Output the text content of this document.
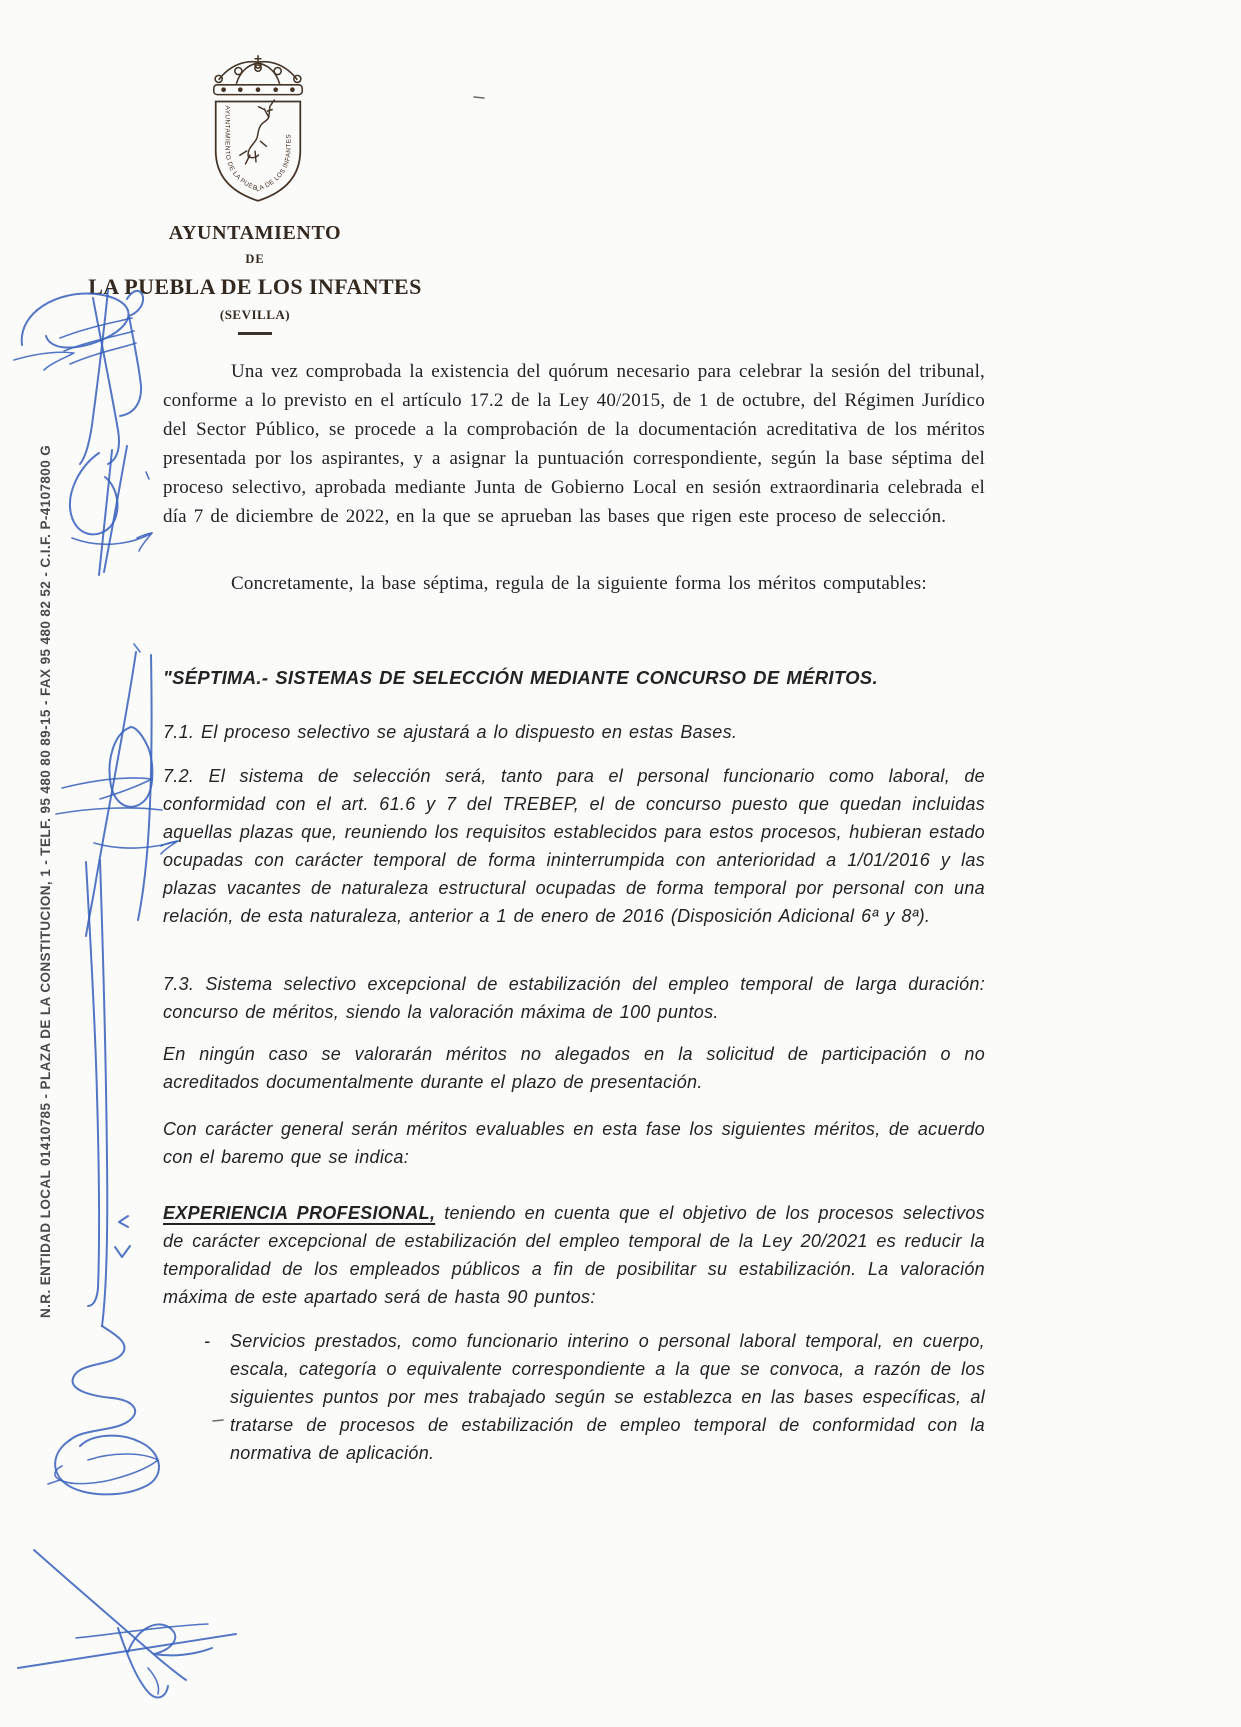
N.R. ENTIDAD LOCAL 01410785 - PLAZA DE LA CONSTITUCION, 1 - TELF. 95 480 80 89-15 - FAX 95 480 82 52 - C.I.F. P-4107800 G
AYUNTAMIENTO DE LA PUEBLA DE LOS INFANTES
AYUNTAMIENTO
DE
LA PUEBLA DE LOS INFANTES
(SEVILLA)

Una vez comprobada la existencia del quórum necesario para celebrar la sesión del tribunal, conforme a lo previsto en el artículo 17.2 de la Ley 40/2015, de 1 de octubre, del Régimen Jurídico del Sector Público, se procede a la comprobación de la documentación acreditativa de los méritos presentada por los aspirantes, y a asignar la puntuación correspondiente, según la base séptima del proceso selectivo, aprobada mediante Junta de Gobierno Local en sesión extraordinaria celebrada el día 7 de diciembre de 2022, en la que se aprueban las bases que rigen este proceso de selección.

Concretamente, la base séptima, regula de la siguiente forma los méritos computables:

"SÉPTIMA.- SISTEMAS DE SELECCIÓN MEDIANTE CONCURSO DE MÉRITOS.

7.1. El proceso selectivo se ajustará a lo dispuesto en estas Bases.

7.2. El sistema de selección será, tanto para el personal funcionario como laboral, de conformidad con el art. 61.6 y 7 del TREBEP, el de concurso puesto que quedan incluidas aquellas plazas que, reuniendo los requisitos establecidos para estos procesos, hubieran estado ocupadas con carácter temporal de forma ininterrumpida con anterioridad a 1/01/2016 y las plazas vacantes de naturaleza estructural ocupadas de forma temporal por personal con una relación, de esta naturaleza, anterior a 1 de enero de 2016 (Disposición Adicional 6ª y 8ª).

7.3. Sistema selectivo excepcional de estabilización del empleo temporal de larga duración: concurso de méritos, siendo la valoración máxima de 100 puntos.

En ningún caso se valorarán méritos no alegados en la solicitud de participación o no acreditados documentalmente durante el plazo de presentación.

Con carácter general serán méritos evaluables en esta fase los siguientes méritos, de acuerdo con el baremo que se indica:

EXPERIENCIA PROFESIONAL, teniendo en cuenta que el objetivo de los procesos selectivos de carácter excepcional de estabilización del empleo temporal de la Ley 20/2021 es reducir la temporalidad de los empleados públicos a fin de posibilitar su estabilización. La valoración máxima de este apartado será de hasta 90 puntos:

-	Servicios prestados, como funcionario interino o personal laboral temporal, en cuerpo, escala, categoría o equivalente correspondiente a la que se convoca, a razón de los siguientes puntos por mes trabajado según se establezca en las bases específicas, al tratarse de procesos de estabilización de empleo temporal de conformidad con la normativa de aplicación.
